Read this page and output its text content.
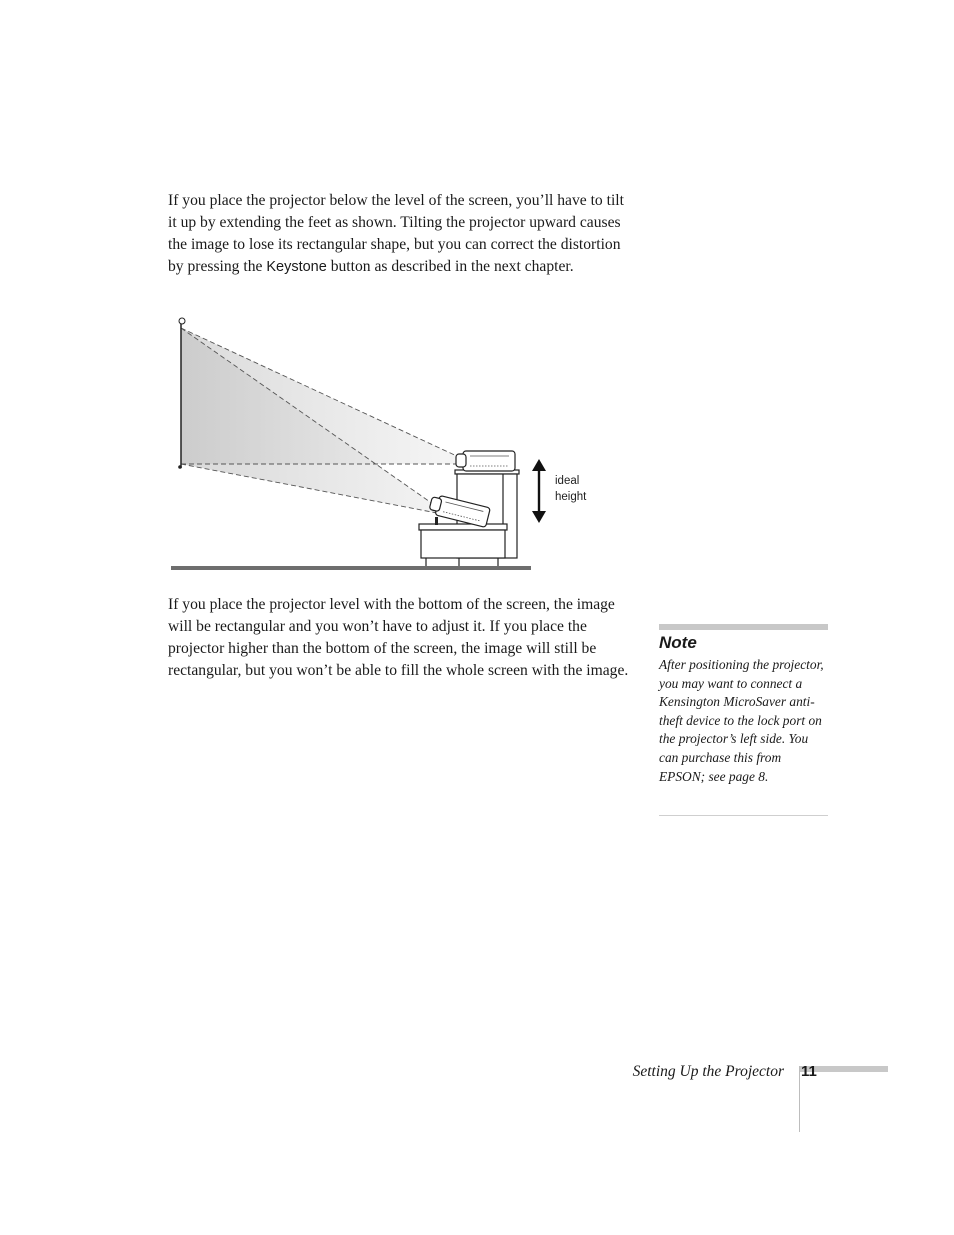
If you place the projector below the level of the screen, you’ll have to tilt it up by extending the feet as shown. Tilting the projector upward causes the image to lose its rectangular shape, but you can correct the distortion by pressing the Keystone button as described in the next chapter.

ideal
height

If you place the projector level with the bottom of the screen, the image will be rectangular and you won’t have to adjust it. If you place the projector higher than the bottom of the screen, the image will still be rectangular, but you won’t be able to fill the whole screen with the image.

Note
After positioning the projector, you may want to connect a Kensington MicroSaver anti-theft device to the lock port on the projector’s left side. You can purchase this from EPSON; see page 8.
Setting Up the Projector 11
